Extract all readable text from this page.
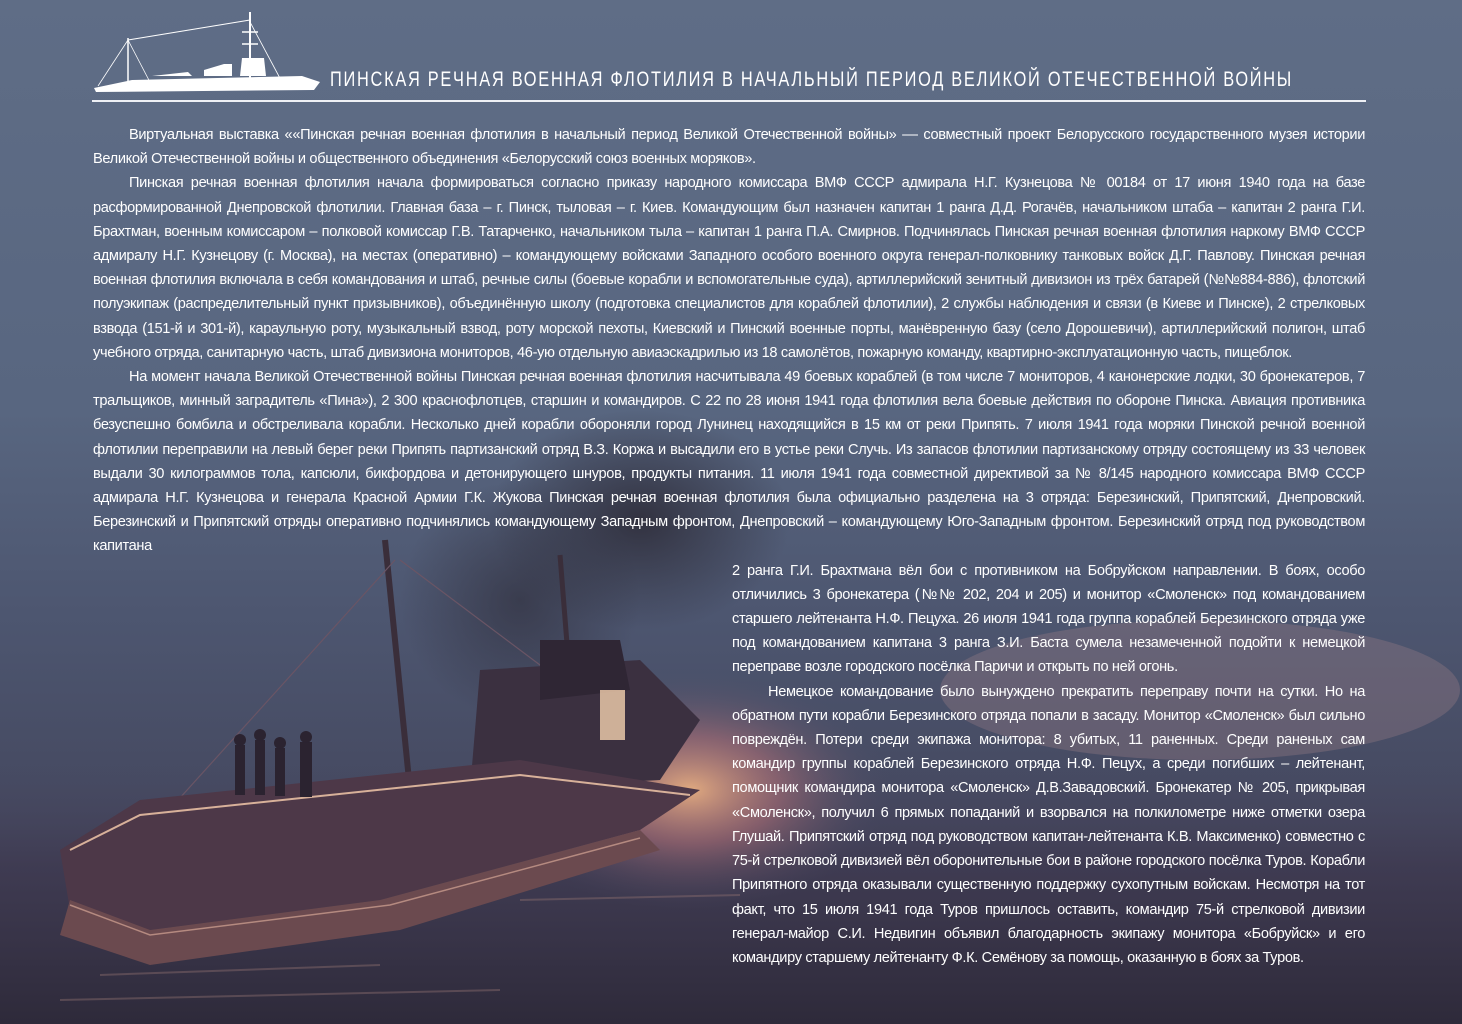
ПИНСКАЯ РЕЧНАЯ ВОЕННАЯ ФЛОТИЛИЯ В НАЧАЛЬНЫЙ ПЕРИОД ВЕЛИКОЙ ОТЕЧЕСТВЕННОЙ ВОЙНЫ

Виртуальная выставка ««Пинская речная военная флотилия в начальный период Великой Отечественной войны» –– совместный проект Белорусского государственного музея истории Великой Отечественной войны и общественного объединения «Белорусский союз военных моряков».

Пинская речная военная флотилия начала формироваться согласно приказу народного комиссара ВМФ СССР адмирала Н.Г. Кузнецова № 00184 от 17 июня 1940 года на базе расформированной Днепровской флотилии. Главная база – г. Пинск, тыловая – г. Киев. Командующим был назначен капитан 1 ранга Д.Д. Рогачёв, начальником штаба – капитан 2 ранга Г.И. Брахтман, военным комиссаром – полковой комиссар Г.В. Татарченко, начальником тыла – капитан 1 ранга П.А. Смирнов. Подчинялась Пинская речная военная флотилия наркому ВМФ СССР адмиралу Н.Г. Кузнецову (г. Москва), на местах (оперативно) – командующему войсками Западного особого военного округа генерал-полковнику танковых войск Д.Г. Павлову. Пинская речная военная флотилия включала в себя командования и штаб, речные силы (боевые корабли и вспомогательные суда), артиллерийский зенитный дивизион из трёх батарей (№№884-886), флотский полуэкипаж (распределительный пункт призывников), объединённую школу (подготовка специалистов для кораблей флотилии), 2 службы наблюдения и связи (в Киеве и Пинске), 2 стрелковых взвода (151-й и 301-й), караульную роту, музыкальный взвод, роту морской пехоты, Киевский и Пинский военные порты, манёвренную базу (село Дорошевичи), артиллерийский полигон, штаб учебного отряда, санитарную часть, штаб дивизиона мониторов, 46-ую отдельную авиаэскадрилью из 18 самолётов, пожарную команду, квартирно-эксплуатационную часть, пищеблок.

На момент начала Великой Отечественной войны Пинская речная военная флотилия насчитывала 49 боевых кораблей (в том числе 7 мониторов, 4 канонерские лодки, 30 бронекатеров, 7 тральщиков, минный заградитель «Пина»), 2 300 краснофлотцев, старшин и командиров. С 22 по 28 июня 1941 года флотилия вела боевые действия по обороне Пинска. Авиация противника безуспешно бомбила и обстреливала корабли. Несколько дней корабли обороняли город Лунинец находящийся в 15 км от реки Припять. 7 июля 1941 года моряки Пинской речной военной флотилии переправили на левый берег реки Припять партизанский отряд В.З. Коржа и высадили его в устье реки Случь. Из запасов флотилии партизанскому отряду состоящему из 33 человек выдали 30 килограммов тола, капсюли, бикфордова и детонирующего шнуров, продукты питания. 11 июля 1941 года совместной директивой за № 8/145 народного комиссара ВМФ СССР адмирала Н.Г. Кузнецова и генерала Красной Армии Г.К. Жукова Пинская речная военная флотилия была официально разделена на 3 отряда: Березинский, Припятский, Днепровский. Березинский и Припятский отряды оперативно подчинялись командующему Западным фронтом, Днепровский – командующему Юго-Западным фронтом. Березинский отряд под руководством капитана

2 ранга Г.И. Брахтмана вёл бои с противником на Бобруйском направлении. В боях, особо отличились 3 бронекатера (№№ 202, 204 и 205) и монитор «Смоленск» под командованием старшего лейтенанта Н.Ф. Пецуха. 26 июля 1941 года группа кораблей Березинского отряда уже под командованием капитана 3 ранга З.И. Баста сумела незамеченной подойти к немецкой переправе возле городского посёлка Паричи и открыть по ней огонь.

Немецкое командование было вынуждено прекратить переправу почти на сутки. Но на обратном пути корабли Березинского отряда попали в засаду. Монитор «Смоленск» был сильно повреждён. Потери среди экипажа монитора: 8 убитых, 11 раненных. Среди раненых сам командир группы кораблей Березинского отряда Н.Ф. Пецух, а среди погибших – лейтенант, помощник командира монитора «Смоленск» Д.В.Завадовский. Бронекатер № 205, прикрывая «Смоленск», получил 6 прямых попаданий и взорвался на полкилометре ниже отметки озера Глушай. Припятский отряд под руководством капитан-лейтенанта К.В. Максименко) совместно с 75-й стрелковой дивизией вёл оборонительные бои в районе городского посёлка Туров. Корабли Припятного отряда оказывали существенную поддержку сухопутным войскам. Несмотря на тот факт, что 15 июля 1941 года Туров пришлось оставить, командир 75-й стрелковой дивизии генерал-майор С.И. Недвигин объявил благодарность экипажу монитора «Бобруйск» и его командиру старшему лейтенанту Ф.К. Семёнову за помощь, оказанную в боях за Туров.
